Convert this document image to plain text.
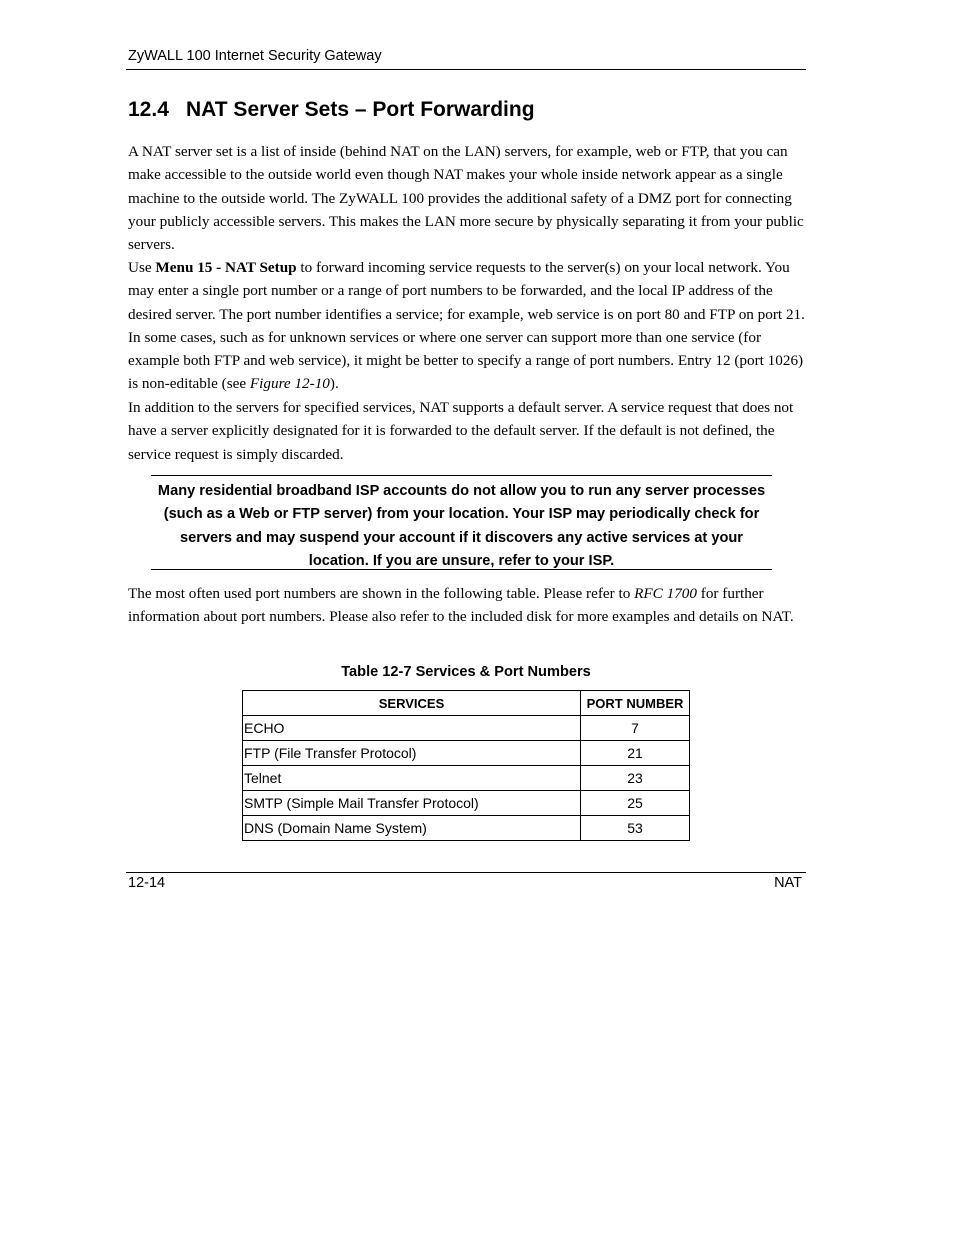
ZyWALL 100 Internet Security Gateway
12.4 NAT Server Sets – Port Forwarding

A NAT server set is a list of inside (behind NAT on the LAN) servers, for example, web or FTP, that you can make accessible to the outside world even though NAT makes your whole inside network appear as a single machine to the outside world. The ZyWALL 100 provides the additional safety of a DMZ port for connecting your publicly accessible servers. This makes the LAN more secure by physically separating it from your public servers.

Use Menu 15 - NAT Setup to forward incoming service requests to the server(s) on your local network. You may enter a single port number or a range of port numbers to be forwarded, and the local IP address of the desired server. The port number identifies a service; for example, web service is on port 80 and FTP on port 21. In some cases, such as for unknown services or where one server can support more than one service (for example both FTP and web service), it might be better to specify a range of port numbers. Entry 12 (port 1026) is non-editable (see Figure 12-10).

In addition to the servers for specified services, NAT supports a default server. A service request that does not have a server explicitly designated for it is forwarded to the default server. If the default is not defined, the service request is simply discarded.

Many residential broadband ISP accounts do not allow you to run any server processes (such as a Web or FTP server) from your location. Your ISP may periodically check for servers and may suspend your account if it discovers any active services at your location. If you are unsure, refer to your ISP.

The most often used port numbers are shown in the following table. Please refer to RFC 1700 for further information about port numbers. Please also refer to the included disk for more examples and details on NAT.

Table 12-7 Services & Port Numbers
SERVICES	PORT NUMBER
ECHO	7
FTP (File Transfer Protocol)	21
Telnet	23
SMTP (Simple Mail Transfer Protocol)	25
DNS (Domain Name System)	53
12-14	NAT
